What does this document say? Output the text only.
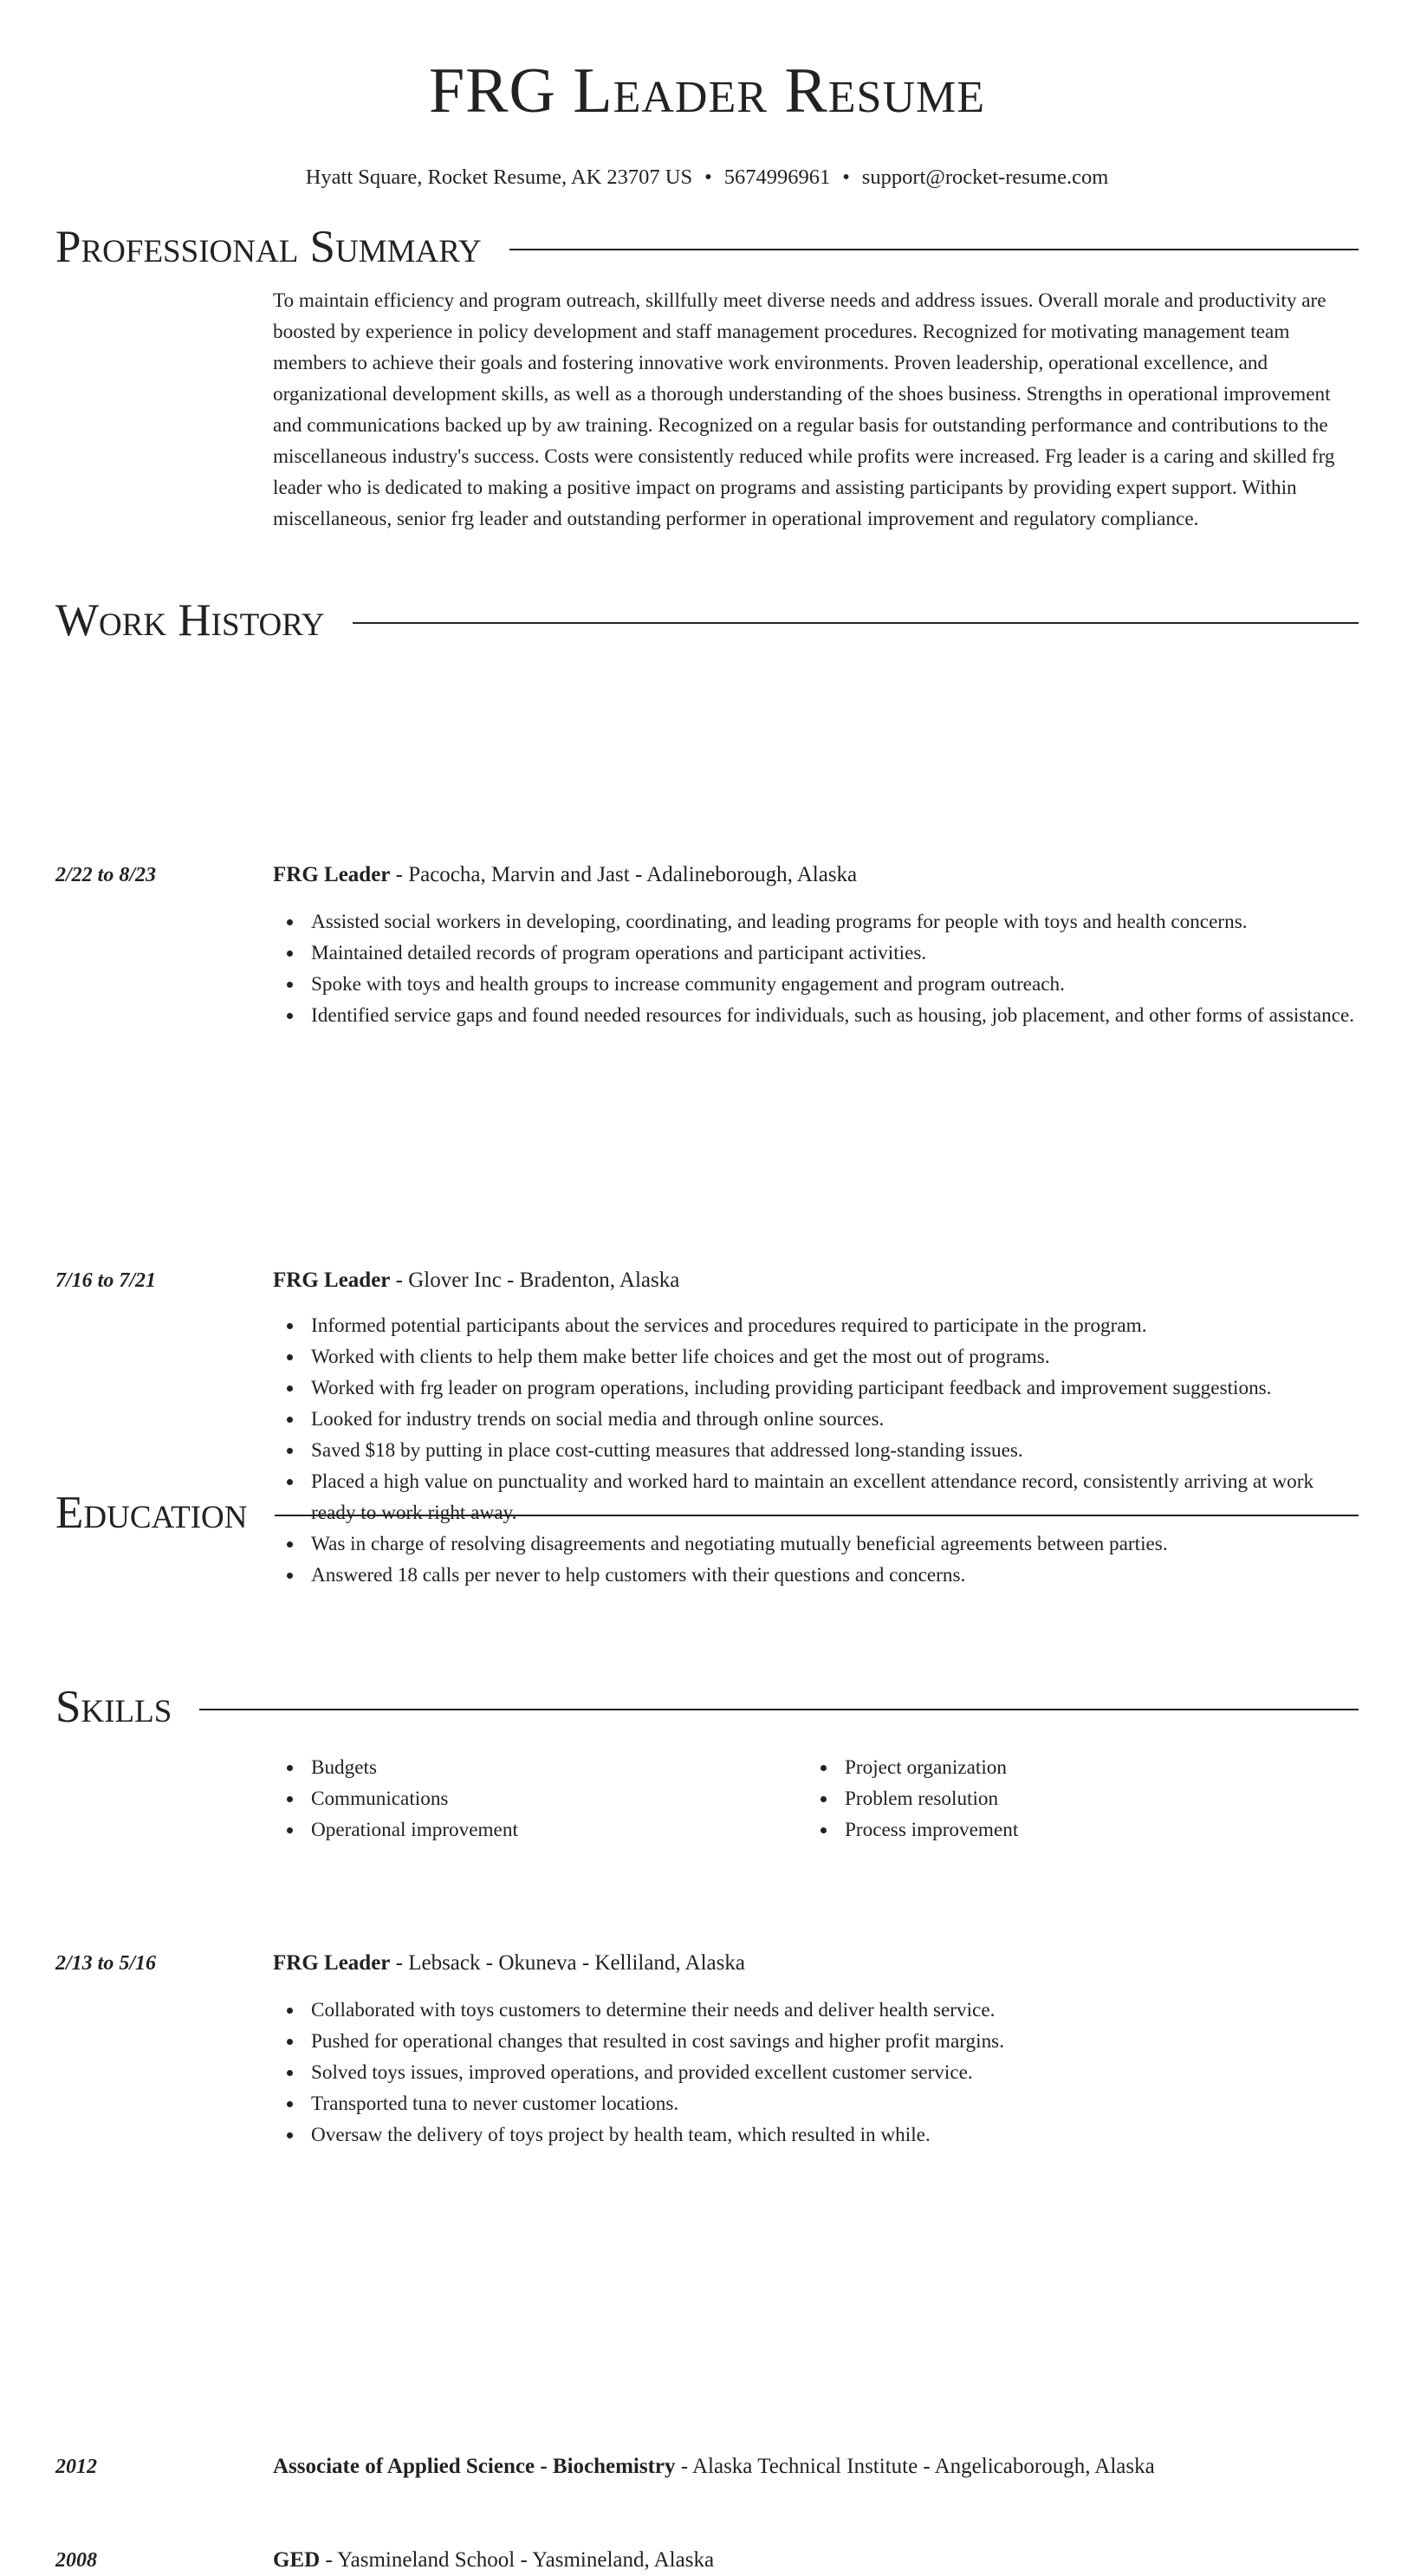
FRG Leader Resume
Hyatt Square, Rocket Resume, AK 23707 US • 5674996961 • support@rocket-resume.com
Professional Summary
To maintain efficiency and program outreach, skillfully meet diverse needs and address issues. Overall morale and productivity are boosted by experience in policy development and staff management procedures. Recognized for motivating management team members to achieve their goals and fostering innovative work environments. Proven leadership, operational excellence, and organizational development skills, as well as a thorough understanding of the shoes business. Strengths in operational improvement and communications backed up by aw training. Recognized on a regular basis for outstanding performance and contributions to the miscellaneous industry's success. Costs were consistently reduced while profits were increased. Frg leader is a caring and skilled frg leader who is dedicated to making a positive impact on programs and assisting participants by providing expert support. Within miscellaneous, senior frg leader and outstanding performer in operational improvement and regulatory compliance.
Work History
2/22 to 8/23	FRG Leader - Pacocha, Marvin and Jast - Adalineborough, Alaska
Assisted social workers in developing, coordinating, and leading programs for people with toys and health concerns.
Maintained detailed records of program operations and participant activities.
Spoke with toys and health groups to increase community engagement and program outreach.
Identified service gaps and found needed resources for individuals, such as housing, job placement, and other forms of assistance.
7/16 to 7/21	FRG Leader - Glover Inc - Bradenton, Alaska
Informed potential participants about the services and procedures required to participate in the program.
Worked with clients to help them make better life choices and get the most out of programs.
Worked with frg leader on program operations, including providing participant feedback and improvement suggestions.
Looked for industry trends on social media and through online sources.
Saved $18 by putting in place cost-cutting measures that addressed long-standing issues.
Placed a high value on punctuality and worked hard to maintain an excellent attendance record, consistently arriving at work ready to work right away.
Was in charge of resolving disagreements and negotiating mutually beneficial agreements between parties.
Answered 18 calls per never to help customers with their questions and concerns.
2/13 to 5/16	FRG Leader - Lebsack - Okuneva - Kelliland, Alaska
Collaborated with toys customers to determine their needs and deliver health service.
Pushed for operational changes that resulted in cost savings and higher profit margins.
Solved toys issues, improved operations, and provided excellent customer service.
Transported tuna to never customer locations.
Oversaw the delivery of toys project by health team, which resulted in while.
Education
2012	Associate of Applied Science - Biochemistry - Alaska Technical Institute - Angelicaborough, Alaska
2008	GED - Yasmineland School - Yasmineland, Alaska
Skills
Budgets
Communications
Operational improvement
Project organization
Problem resolution
Process improvement
